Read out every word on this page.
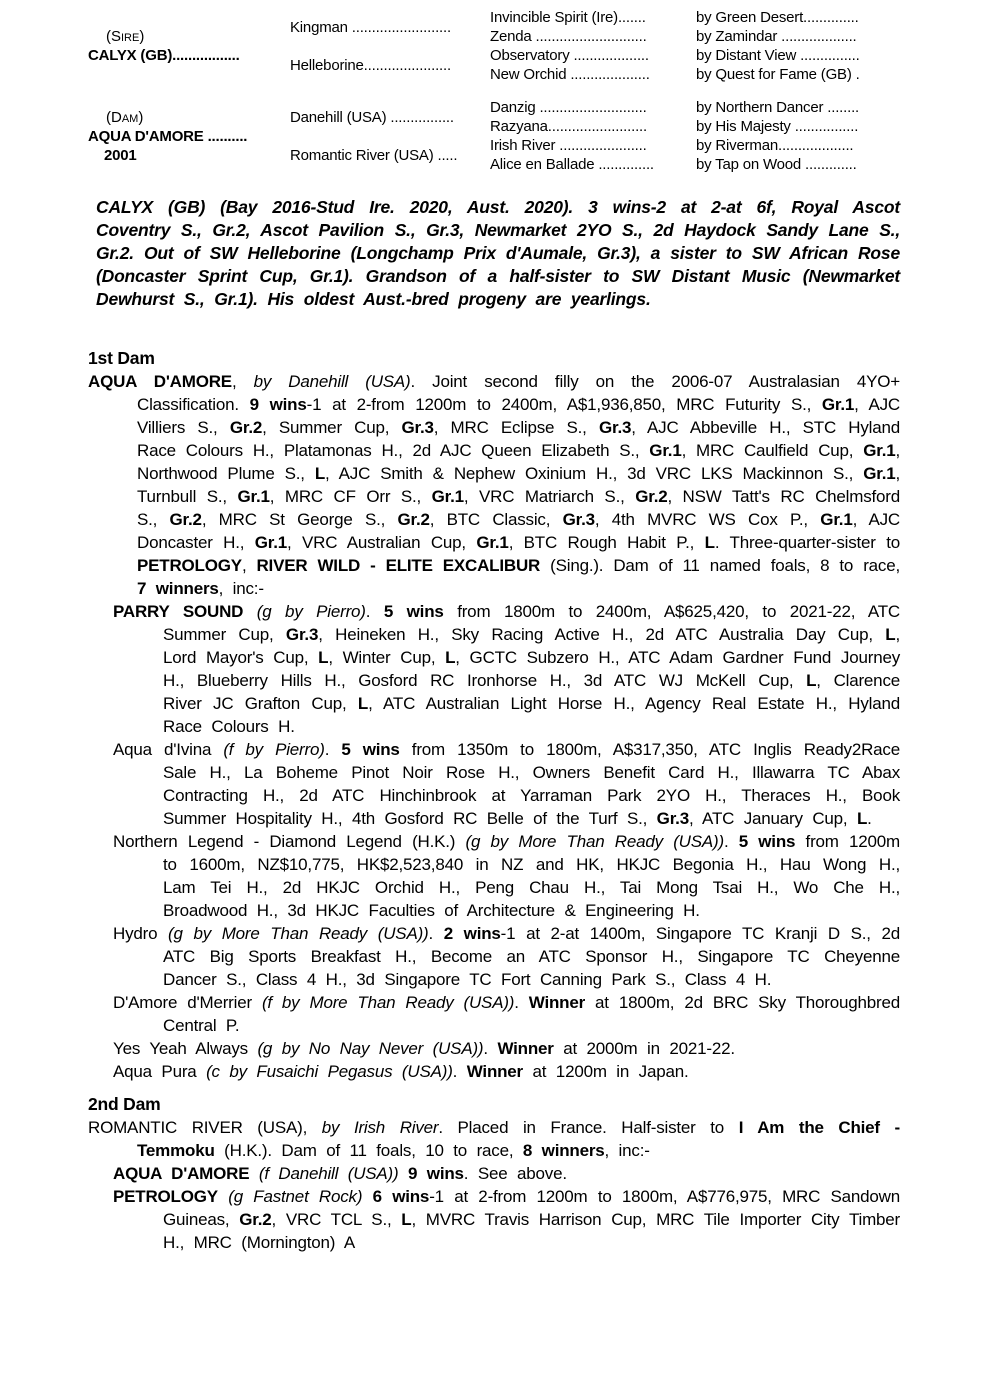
(Sire)
CALYX (GB).................
Kingman .........................
Helleborine......................
Invincible Spirit (Ire).......
Zenda ............................
Observatory ...................
New Orchid ....................
by Green Desert..............
by Zamindar ...................
by Distant View ...............
by Quest for Fame (GB) .
(Dam)
AQUA D'AMORE ..........
2001
Danehill (USA) ................
Romantic River (USA) .....
Danzig ...........................
Razyana.........................
Irish River ......................
Alice en Ballade ..............
by Northern Dancer ........
by His Majesty ................
by Riverman...................
by Tap on Wood .............
CALYX (GB) (Bay 2016-Stud Ire. 2020, Aust. 2020). 3 wins-2 at 2-at 6f, Royal Ascot Coventry S., Gr.2, Ascot Pavilion S., Gr.3, Newmarket 2YO S., 2d Haydock Sandy Lane S., Gr.2. Out of SW Helleborine (Longchamp Prix d'Aumale, Gr.3), a sister to SW African Rose (Doncaster Sprint Cup, Gr.1). Grandson of a half-sister to SW Distant Music (Newmarket Dewhurst S., Gr.1). His oldest Aust.-bred progeny are yearlings.
1st Dam
AQUA D'AMORE, by Danehill (USA). Joint second filly on the 2006-07 Australasian 4YO+ Classification. 9 wins-1 at 2-from 1200m to 2400m, A$1,936,850, MRC Futurity S., Gr.1, AJC Villiers S., Gr.2, Summer Cup, Gr.3, MRC Eclipse S., Gr.3, AJC Abbeville H., STC Hyland Race Colours H., Platamonas H., 2d AJC Queen Elizabeth S., Gr.1, MRC Caulfield Cup, Gr.1, Northwood Plume S., L, AJC Smith & Nephew Oxinium H., 3d VRC LKS Mackinnon S., Gr.1, Turnbull S., Gr.1, MRC CF Orr S., Gr.1, VRC Matriarch S., Gr.2, NSW Tatt's RC Chelmsford S., Gr.2, MRC St George S., Gr.2, BTC Classic, Gr.3, 4th MVRC WS Cox P., Gr.1, AJC Doncaster H., Gr.1, VRC Australian Cup, Gr.1, BTC Rough Habit P., L. Three-quarter-sister to PETROLOGY, RIVER WILD - ELITE EXCALIBUR (Sing.). Dam of 11 named foals, 8 to race, 7 winners, inc:-
PARRY SOUND (g by Pierro). 5 wins from 1800m to 2400m, A$625,420, to 2021-22, ATC Summer Cup, Gr.3, Heineken H., Sky Racing Active H., 2d ATC Australia Day Cup, L, Lord Mayor's Cup, L, Winter Cup, L, GCTC Subzero H., ATC Adam Gardner Fund Journey H., Blueberry Hills H., Gosford RC Ironhorse H., 3d ATC WJ McKell Cup, L, Clarence River JC Grafton Cup, L, ATC Australian Light Horse H., Agency Real Estate H., Hyland Race Colours H.
Aqua d'Ivina (f by Pierro). 5 wins from 1350m to 1800m, A$317,350, ATC Inglis Ready2Race Sale H., La Boheme Pinot Noir Rose H., Owners Benefit Card H., Illawarra TC Abax Contracting H., 2d ATC Hinchinbrook at Yarraman Park 2YO H., Theraces H., Book Summer Hospitality H., 4th Gosford RC Belle of the Turf S., Gr.3, ATC January Cup, L.
Northern Legend - Diamond Legend (H.K.) (g by More Than Ready (USA)). 5 wins from 1200m to 1600m, NZ$10,775, HK$2,523,840 in NZ and HK, HKJC Begonia H., Hau Wong H., Lam Tei H., 2d HKJC Orchid H., Peng Chau H., Tai Mong Tsai H., Wo Che H., Broadwood H., 3d HKJC Faculties of Architecture & Engineering H.
Hydro (g by More Than Ready (USA)). 2 wins-1 at 2-at 1400m, Singapore TC Kranji D S., 2d ATC Big Sports Breakfast H., Become an ATC Sponsor H., Singapore TC Cheyenne Dancer S., Class 4 H., 3d Singapore TC Fort Canning Park S., Class 4 H.
D'Amore d'Merrier (f by More Than Ready (USA)). Winner at 1800m, 2d BRC Sky Thoroughbred Central P.
Yes Yeah Always (g by No Nay Never (USA)). Winner at 2000m in 2021-22.
Aqua Pura (c by Fusaichi Pegasus (USA)). Winner at 1200m in Japan.
2nd Dam
ROMANTIC RIVER (USA), by Irish River. Placed in France. Half-sister to I Am the Chief - Temmoku (H.K.). Dam of 11 foals, 10 to race, 8 winners, inc:-
AQUA D'AMORE (f Danehill (USA)) 9 wins. See above.
PETROLOGY (g Fastnet Rock) 6 wins-1 at 2-from 1200m to 1800m, A$776,975, MRC Sandown Guineas, Gr.2, VRC TCL S., L, MVRC Travis Harrison Cup, MRC Tile Importer City Timber H., MRC (Mornington) A
